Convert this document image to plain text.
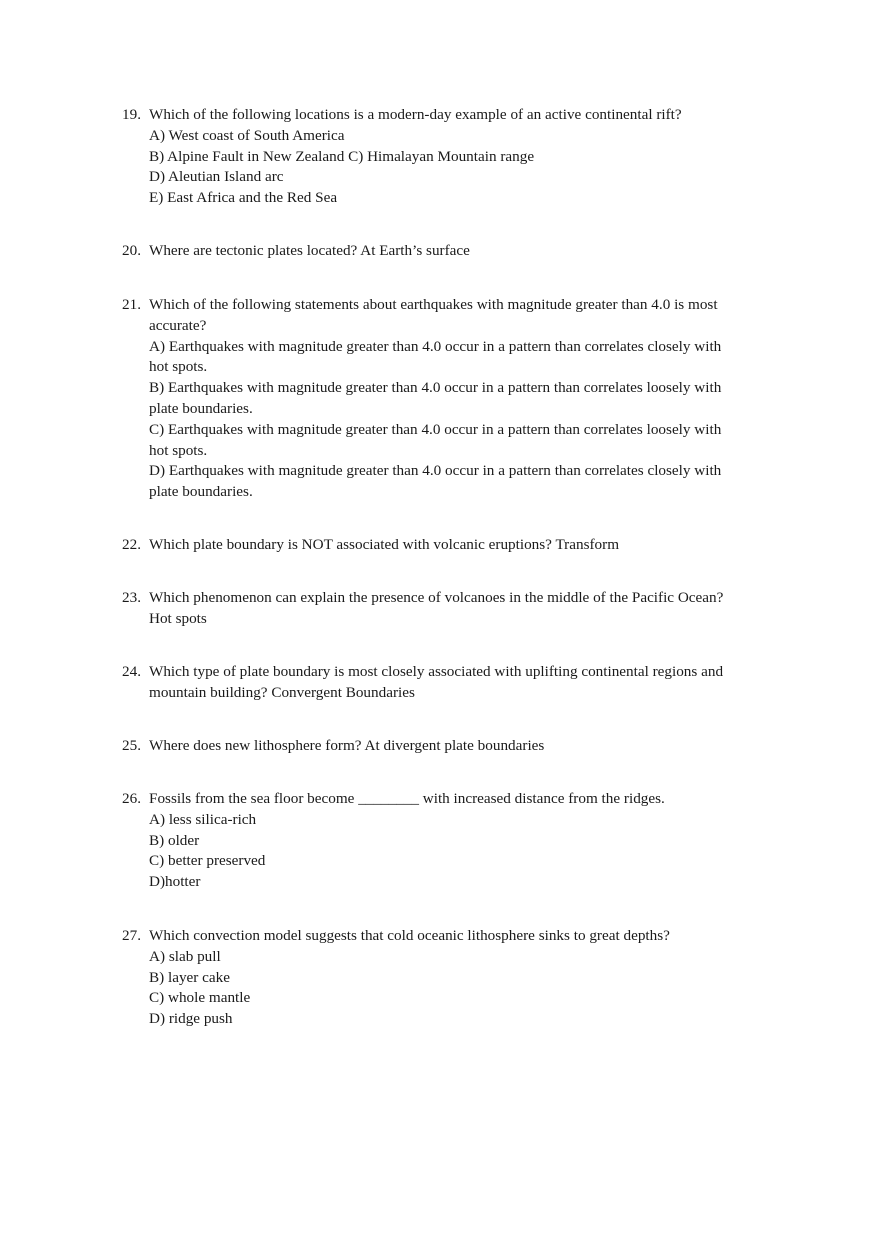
19. Which of the following locations is a modern-day example of an active continental rift?
A) West coast of South America
B) Alpine Fault in New Zealand C) Himalayan Mountain range
D) Aleutian Island arc
E) East Africa and the Red Sea
20. Where are tectonic plates located? At Earth’s surface
21. Which of the following statements about earthquakes with magnitude greater than 4.0 is most
accurate?
A) Earthquakes with magnitude greater than 4.0 occur in a pattern than correlates closely with
hot spots.
B) Earthquakes with magnitude greater than 4.0 occur in a pattern than correlates loosely with
plate boundaries.
C) Earthquakes with magnitude greater than 4.0 occur in a pattern than correlates loosely with
hot spots.
D) Earthquakes with magnitude greater than 4.0 occur in a pattern than correlates closely with
plate boundaries.
22. Which plate boundary is NOT associated with volcanic eruptions? Transform
23. Which phenomenon can explain the presence of volcanoes in the middle of the Pacific Ocean?
Hot spots
24. Which type of plate boundary is most closely associated with uplifting continental regions and
mountain building? Convergent Boundaries
25. Where does new lithosphere form? At divergent plate boundaries
26. Fossils from the sea floor become ________ with increased distance from the ridges.
A) less silica-rich
B) older
C) better preserved
D)hotter
27. Which convection model suggests that cold oceanic lithosphere sinks to great depths?
A) slab pull
B) layer cake
C) whole mantle
D) ridge push
